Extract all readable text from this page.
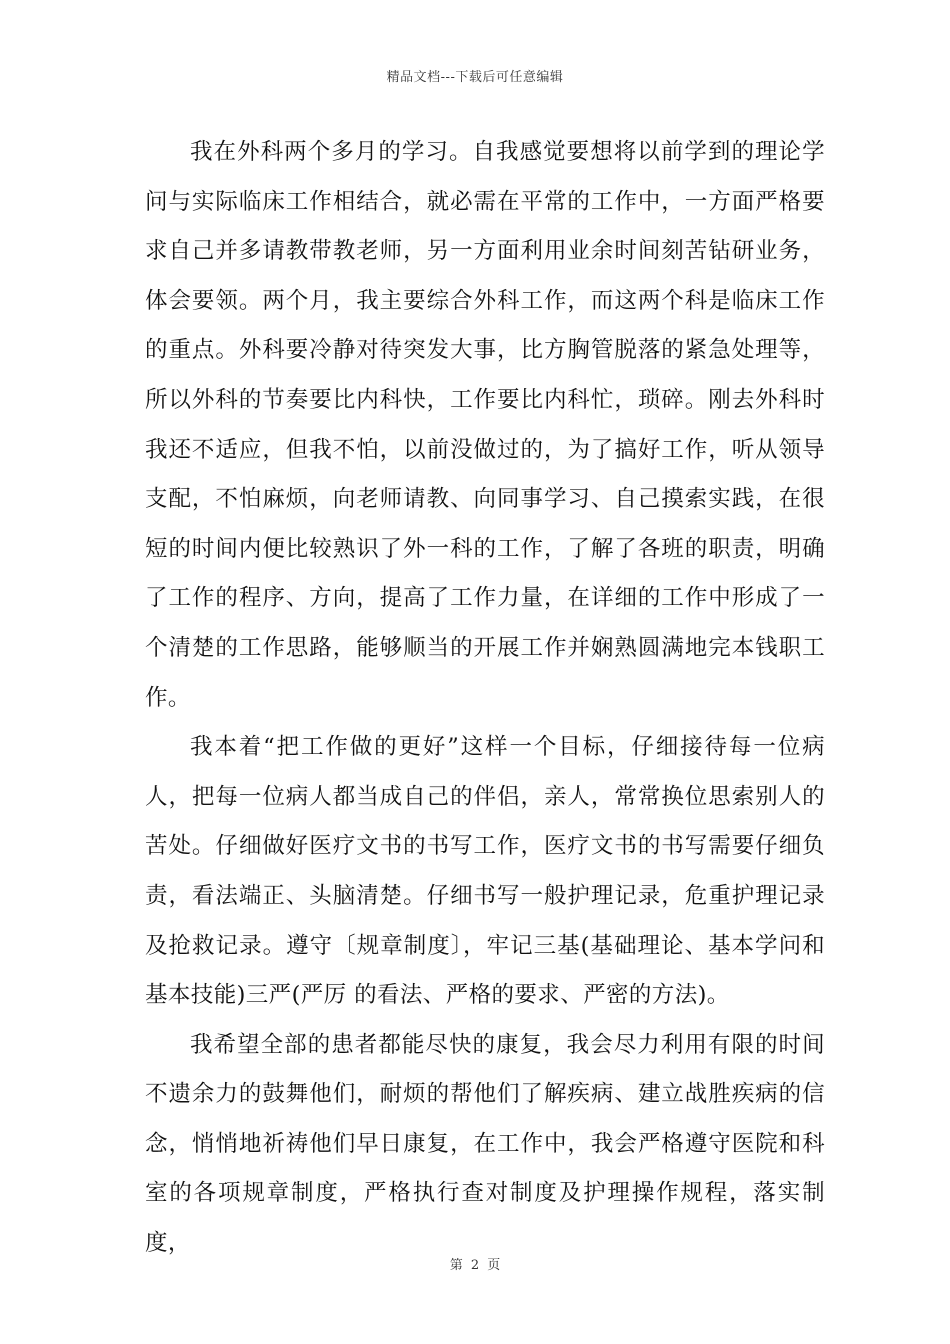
精品文档---下载后可任意编辑

我在外科两个多月的学习。自我感觉要想将以前学到的理论学问与实际临床工作相结合，就必需在平常的工作中，一方面严格要求自己并多请教带教老师，另一方面利用业余时间刻苦钻研业务，体会要领。两个月，我主要综合外科工作，而这两个科是临床工作的重点。外科要冷静对待突发大事，比方胸管脱落的紧急处理等，所以外科的节奏要比内科快，工作要比内科忙，琐碎。刚去外科时我还不适应，但我不怕，以前没做过的，为了搞好工作，听从领导支配，不怕麻烦，向老师请教、向同事学习、自己摸索实践，在很短的时间内便比较熟识了外一科的工作，了解了各班的职责，明确了工作的程序、方向，提高了工作力量，在详细的工作中形成了一个清楚的工作思路，能够顺当的开展工作并娴熟圆满地完本钱职工作。

我本着“把工作做的更好”这样一个目标，仔细接待每一位病人，把每一位病人都当成自己的伴侣，亲人，常常换位思索别人的苦处。仔细做好医疗文书的书写工作，医疗文书的书写需要仔细负责，看法端正、头脑清楚。仔细书写一般护理记录，危重护理记录及抢救记录。遵守〔规章制度〕，牢记三基(基础理论、基本学问和基本技能)三严(严厉 的看法、严格的要求、严密的方法)。

我希望全部的患者都能尽快的康复，我会尽力利用有限的时间不遗余力的鼓舞他们，耐烦的帮他们了解疾病、建立战胜疾病的信念，悄悄地祈祷他们早日康复，在工作中，我会严格遵守医院和科室的各项规章制度，严格执行查对制度及护理操作规程，落实制度，

第 2 页
